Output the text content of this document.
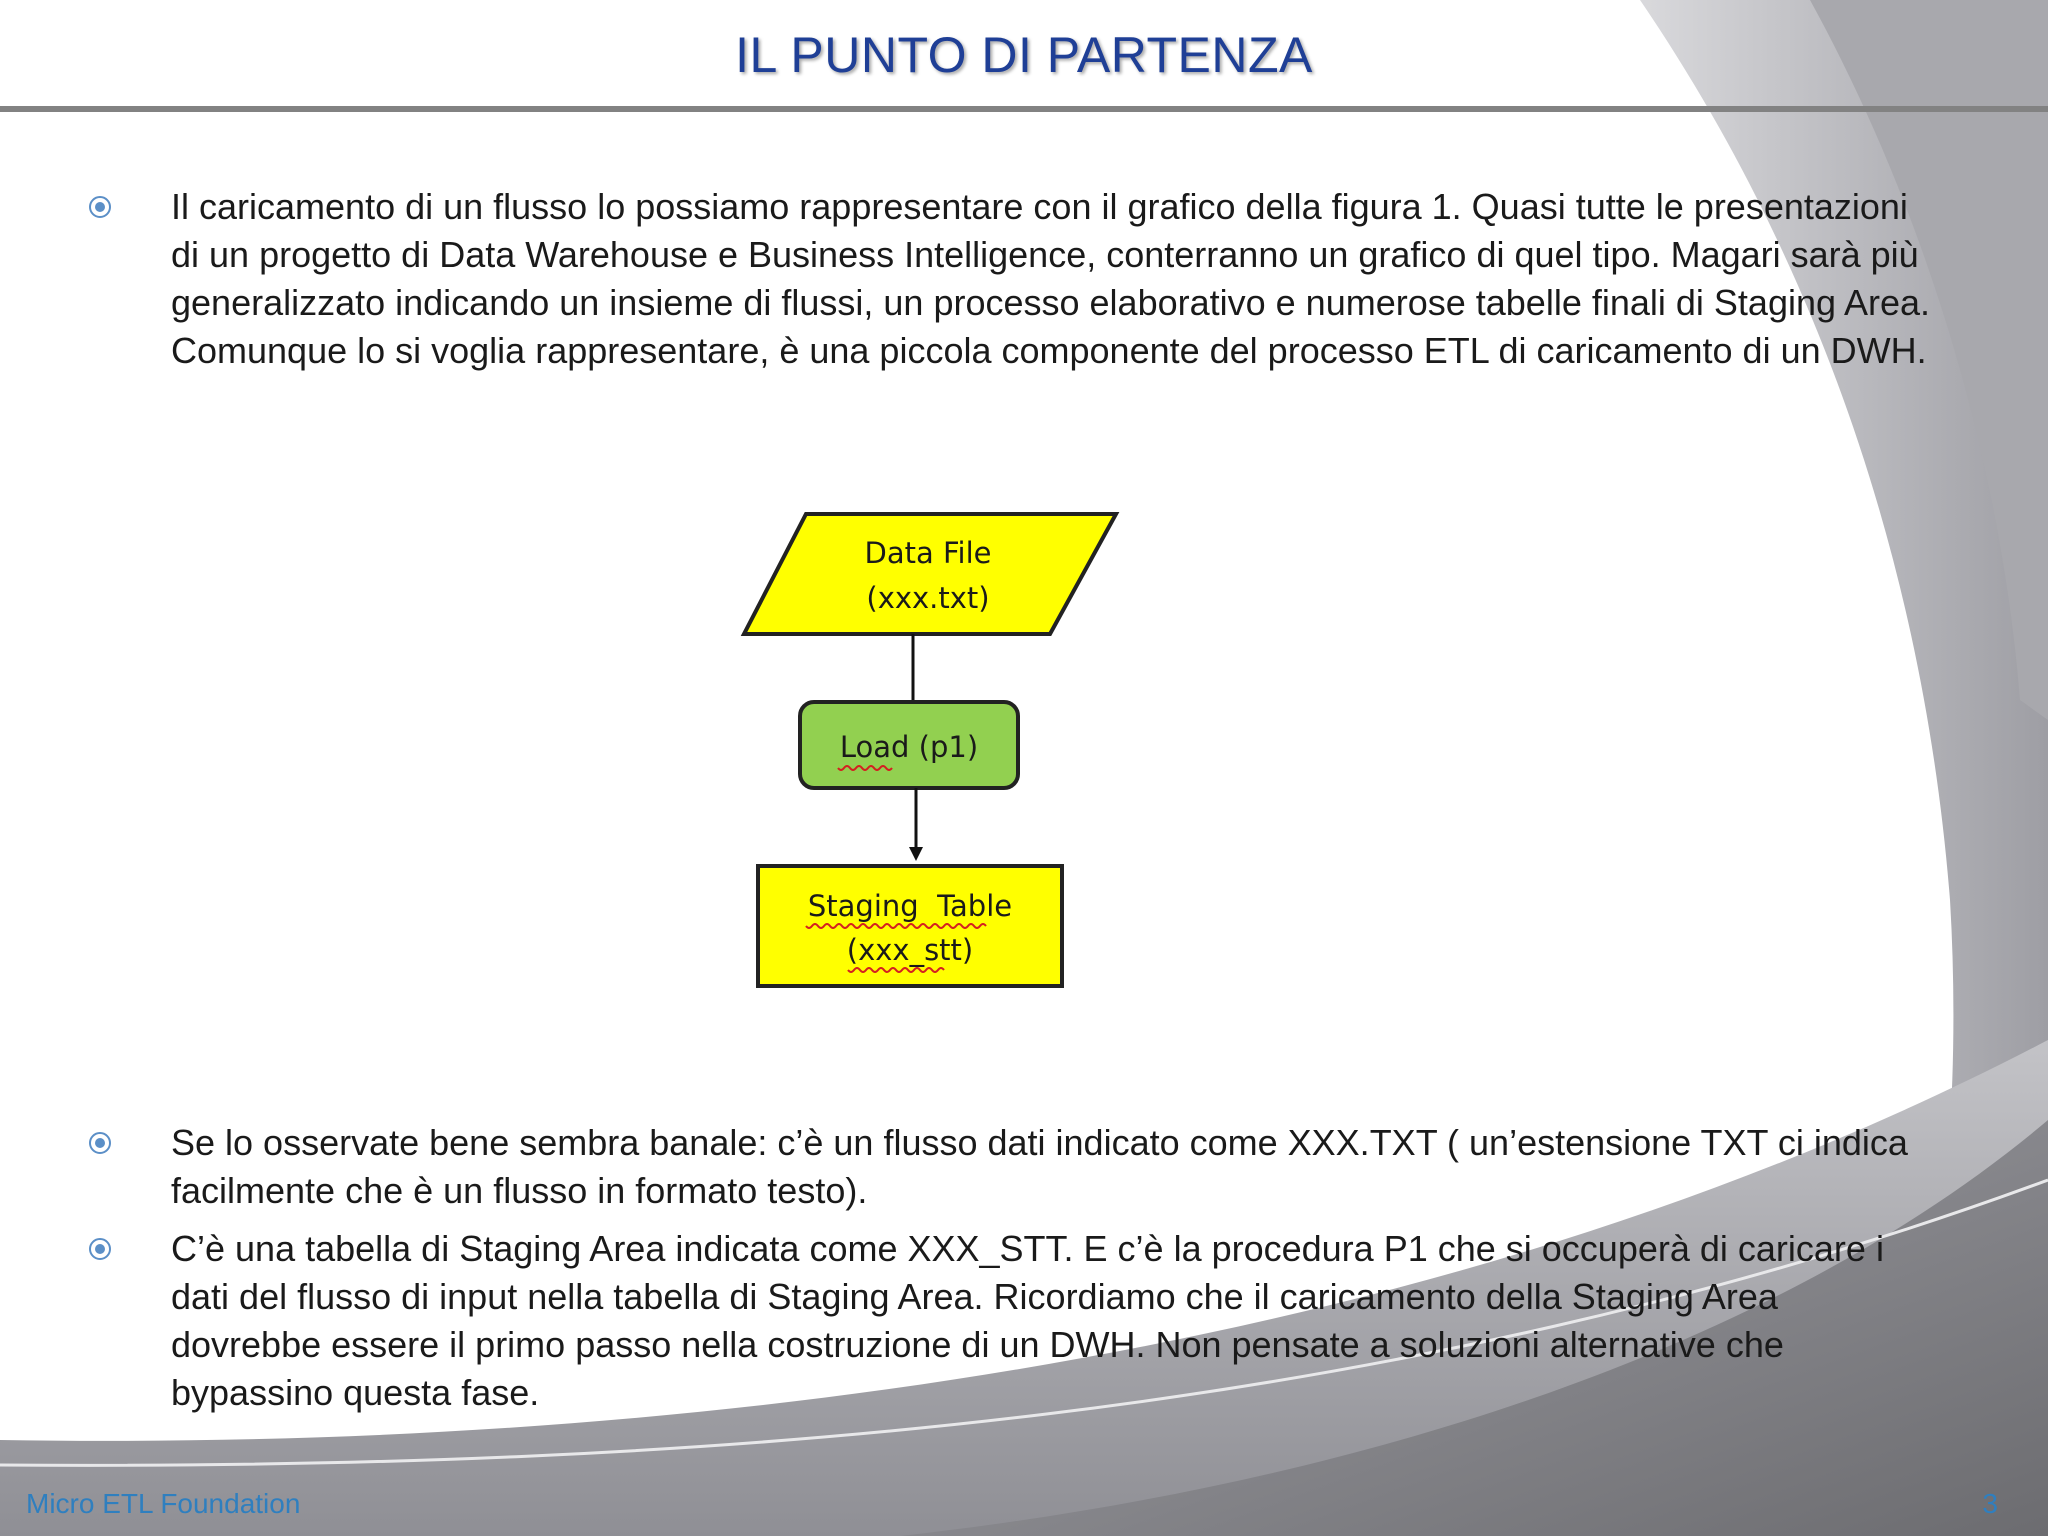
IL PUNTO DI PARTENZA

Il caricamento di un flusso lo possiamo rappresentare con il grafico della figura 1. Quasi tutte le presentazioni di un progetto di Data Warehouse e Business Intelligence, conterranno un grafico di quel tipo. Magari sarà più generalizzato indicando un insieme di flussi, un processo elaborativo e numerose tabelle finali di Staging Area. Comunque lo si voglia rappresentare, è una piccola componente del processo ETL di caricamento di un DWH.

Data File
(xxx.txt)
Load (p1)
Staging  Table
(xxx_stt)

Se lo osservate bene sembra banale: c’è un flusso dati indicato come XXX.TXT ( un’estensione TXT ci indica facilmente che è un flusso in formato testo).

C’è una tabella di Staging Area indicata come XXX_STT. E c’è la procedura P1 che si occuperà di caricare i dati del flusso di input nella tabella di Staging Area. Ricordiamo che il caricamento della Staging Area dovrebbe essere il primo passo nella costruzione di un DWH. Non pensate a soluzioni alternative che bypassino questa fase.

Micro ETL Foundation	3
